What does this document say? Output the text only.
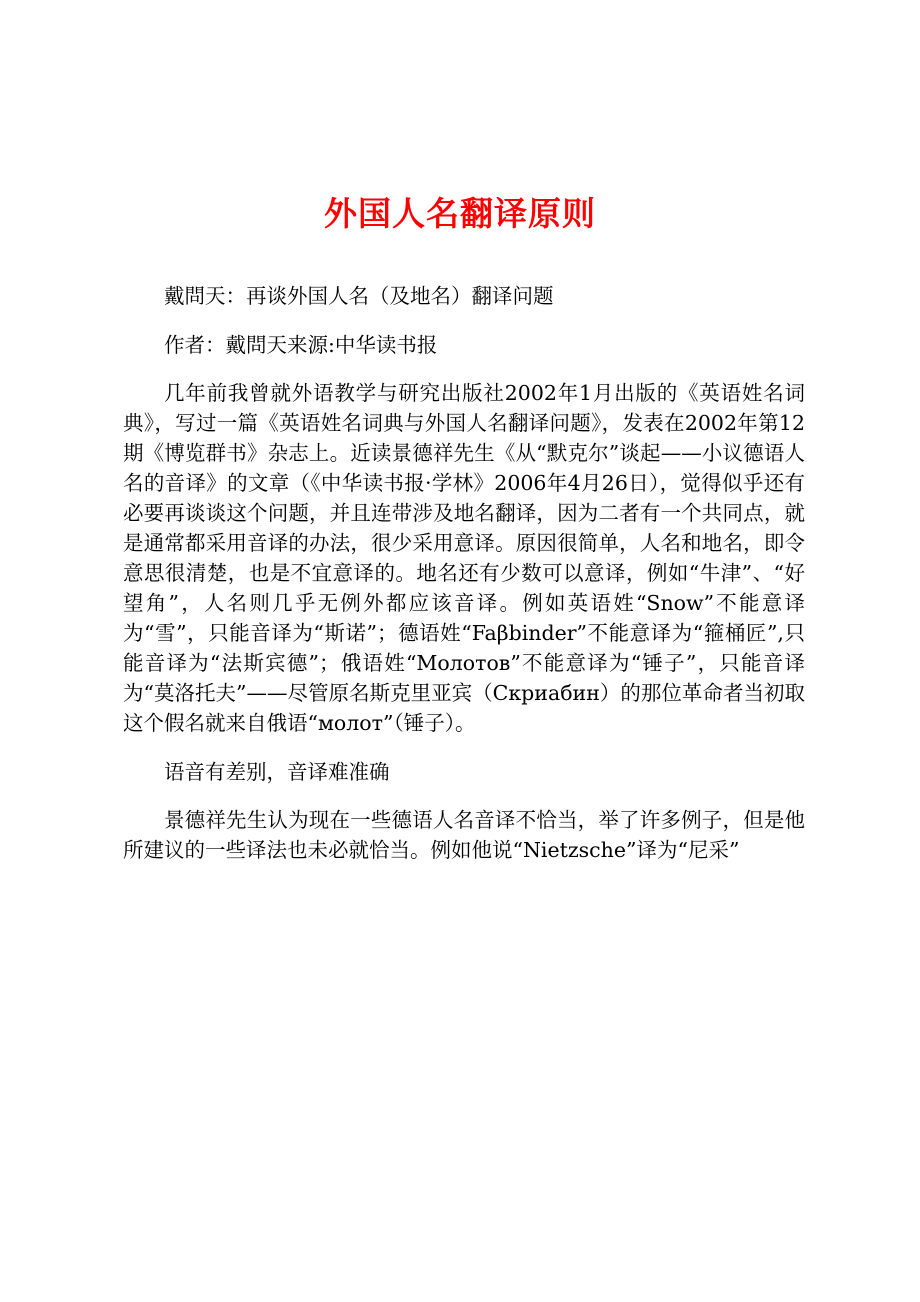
外国人名翻译原则

戴問天：再谈外国人名（及地名）翻译问题

作者：戴問天来源:中华读书报

几年前我曾就外语教学与研究出版社2002年1月出版的《英语姓名词典》，写过一篇《英语姓名词典与外国人名翻译问题》，发表在2002年第12期《博览群书》杂志上。近读景德祥先生《从“默克尔”谈起——小议德语人名的音译》的文章（《中华读书报·学林》2006年4月26日），觉得似乎还有必要再谈谈这个问题，并且连带涉及地名翻译，因为二者有一个共同点，就是通常都采用音译的办法，很少采用意译。原因很简单，人名和地名，即令意思很清楚，也是不宜意译的。地名还有少数可以意译，例如“牛津”、“好望角”，人名则几乎无例外都应该音译。例如英语姓“Snow”不能意译为“雪”，只能音译为“斯诺”；德语姓“Faβbinder”不能意译为“箍桶匠”,只能音译为“法斯宾德”；俄语姓“Молотов”不能意译为“锤子”，只能音译为“莫洛托夫”——尽管原名斯克里亚宾（Скриабин）的那位革命者当初取这个假名就来自俄语“молот”（锤子）。

语音有差别，音译难准确

景德祥先生认为现在一些德语人名音译不恰当，举了许多例子，但是他所建议的一些译法也未必就恰当。例如他说“Nietzsche”译为“尼采”
